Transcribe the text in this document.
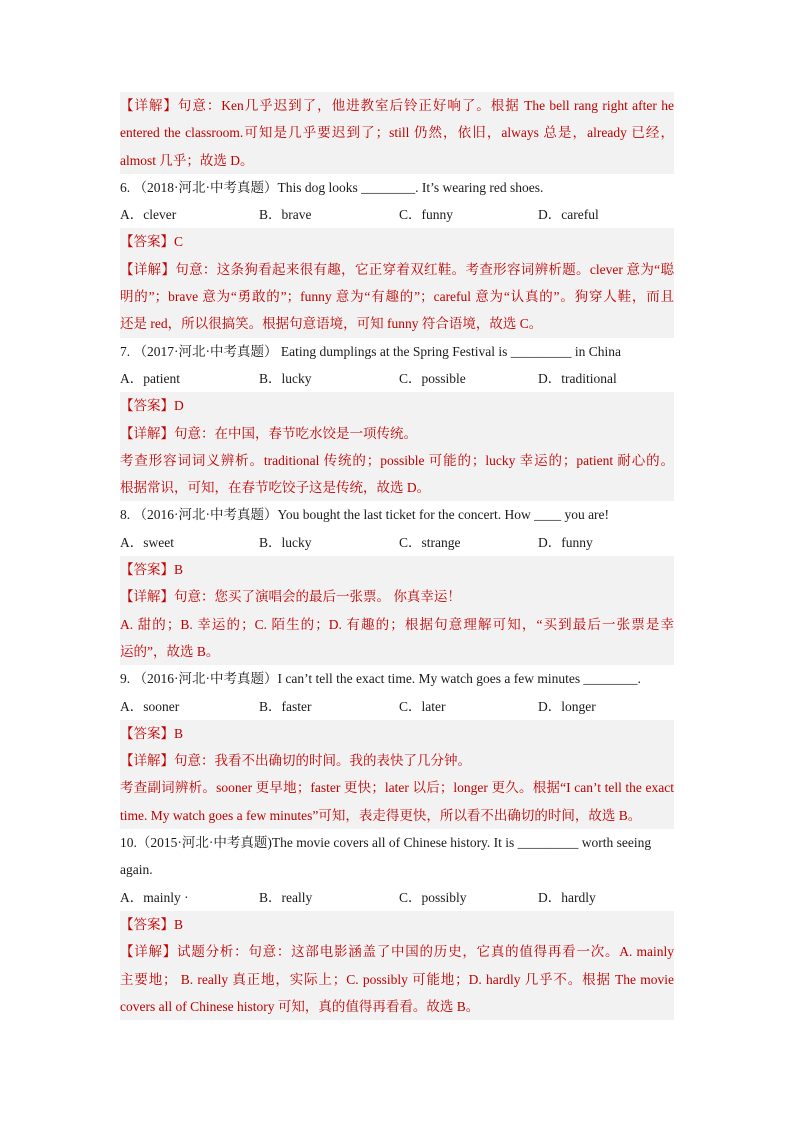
【详解】句意：Ken几乎迟到了，他进教室后铃正好响了。根据 The bell rang right after he
entered the classroom.可知是几乎要迟到了；still 仍然，依旧，always 总是，already 已经，
almost 几乎；故选 D。
6. （2018·河北·中考真题）This dog looks ________. It’s wearing red shoes.
A．clever	B．brave	C．funny	D．careful
【答案】C
【详解】句意：这条狗看起来很有趣，它正穿着双红鞋。考查形容词辨析题。clever 意为“聪
明的”；brave 意为“勇敢的”；funny 意为“有趣的”；careful 意为“认真的”。狗穿人鞋，而且
还是 red，所以很搞笑。根据句意语境，可知 funny 符合语境，故选 C。
7. （2017·河北·中考真题） Eating dumplings at the Spring Festival is _________ in China
A．patient	B．lucky	C．possible	D．traditional
【答案】D
【详解】句意：在中国，春节吃水饺是一项传统。
考查形容词词义辨析。traditional 传统的；possible 可能的；lucky 幸运的；patient 耐心的。
根据常识，可知，在春节吃饺子这是传统，故选 D。
8. （2016·河北·中考真题）You bought the last ticket for the concert. How ____ you are!
A．sweet	B．lucky	C．strange	D．funny
【答案】B
【详解】句意：您买了演唱会的最后一张票。 你真幸运！
A. 甜的；B. 幸运的；C. 陌生的；D. 有趣的；根据句意理解可知，“买到最后一张票是幸
运的”，故选 B。
9. （2016·河北·中考真题）I can’t tell the exact time. My watch goes a few minutes ________.
A．sooner	B．faster	C．later	D．longer
【答案】B
【详解】句意：我看不出确切的时间。我的表快了几分钟。
考查副词辨析。sooner 更早地；faster 更快；later 以后；longer 更久。根据“I can’t tell the exact
time. My watch goes a few minutes”可知，表走得更快，所以看不出确切的时间，故选 B。
10.（2015·河北·中考真题)The movie covers all of Chinese history. It is _________ worth seeing
again.
A．mainly ·	B．really	C．possibly	D．hardly
【答案】B
【详解】试题分析：句意：这部电影涵盖了中国的历史，它真的值得再看一次。A. mainly
主要地； B. really 真正地，实际上；C. possibly 可能地；D. hardly 几乎不。根据 The movie
covers all of Chinese history 可知，真的值得再看看。故选 B。
